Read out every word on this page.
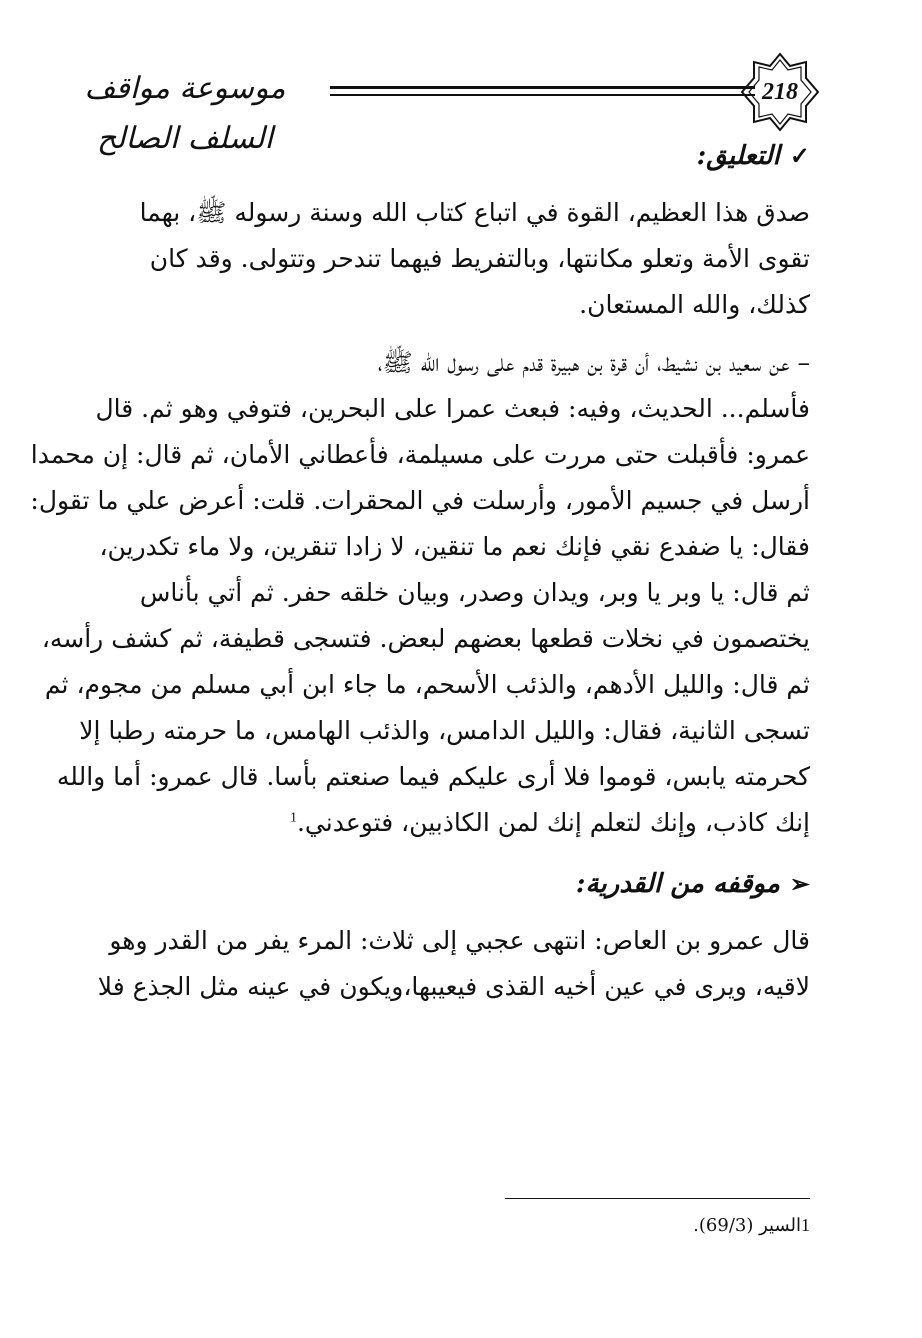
موسوعة مواقف السلف الصالح
218
✓
التعليق:
صدق هذا العظيم، القوة في اتباع كتاب الله وسنة رسوله ﷺ، بهما
تقوى الأمة وتعلو مكانتها، وبالتفريط فيهما تندحر وتتولى. وقد كان
كذلك، والله المستعان.
– عن سعيد بن نشيط، أن قرة بن هبيرة قدم على رسول الله ﷺ،
فأسلم... الحديث، وفيه: فبعث عمرا على البحرين، فتوفي وهو ثم. قال
عمرو: فأقبلت حتى مررت على مسيلمة، فأعطاني الأمان، ثم قال: إن محمدا
أرسل في جسيم الأمور، وأرسلت في المحقرات. قلت: أعرض علي ما تقول:
فقال: يا ضفدع نقي فإنك نعم ما تنقين، لا زادا تنقرين، ولا ماء تكدرين،
ثم قال: يا وبر يا وبر، ويدان وصدر، وبيان خلقه حفر. ثم أتي بأناس
يختصمون في نخلات قطعها بعضهم لبعض. فتسجى قطيفة، ثم كشف رأسه،
ثم قال: والليل الأدهم، والذئب الأسحم، ما جاء ابن أبي مسلم من مجوم، ثم
تسجى الثانية، فقال: والليل الدامس، والذئب الهامس، ما حرمته رطبا إلا
كحرمته يابس، قوموا فلا أرى عليكم فيما صنعتم بأسا. قال عمرو: أما والله
إنك كاذب، وإنك لتعلم إنك لمن الكاذبين، فتوعدني.$^1$
➢
موقفه من القدرية:
قال عمرو بن العاص: انتهى عجبي إلى ثلاث: المرء يفر من القدر وهو
لاقيه، ويرى في عين أخيه القذى فيعيبها،ويكون في عينه مثل الجذع فلا
1السير (69/3).
